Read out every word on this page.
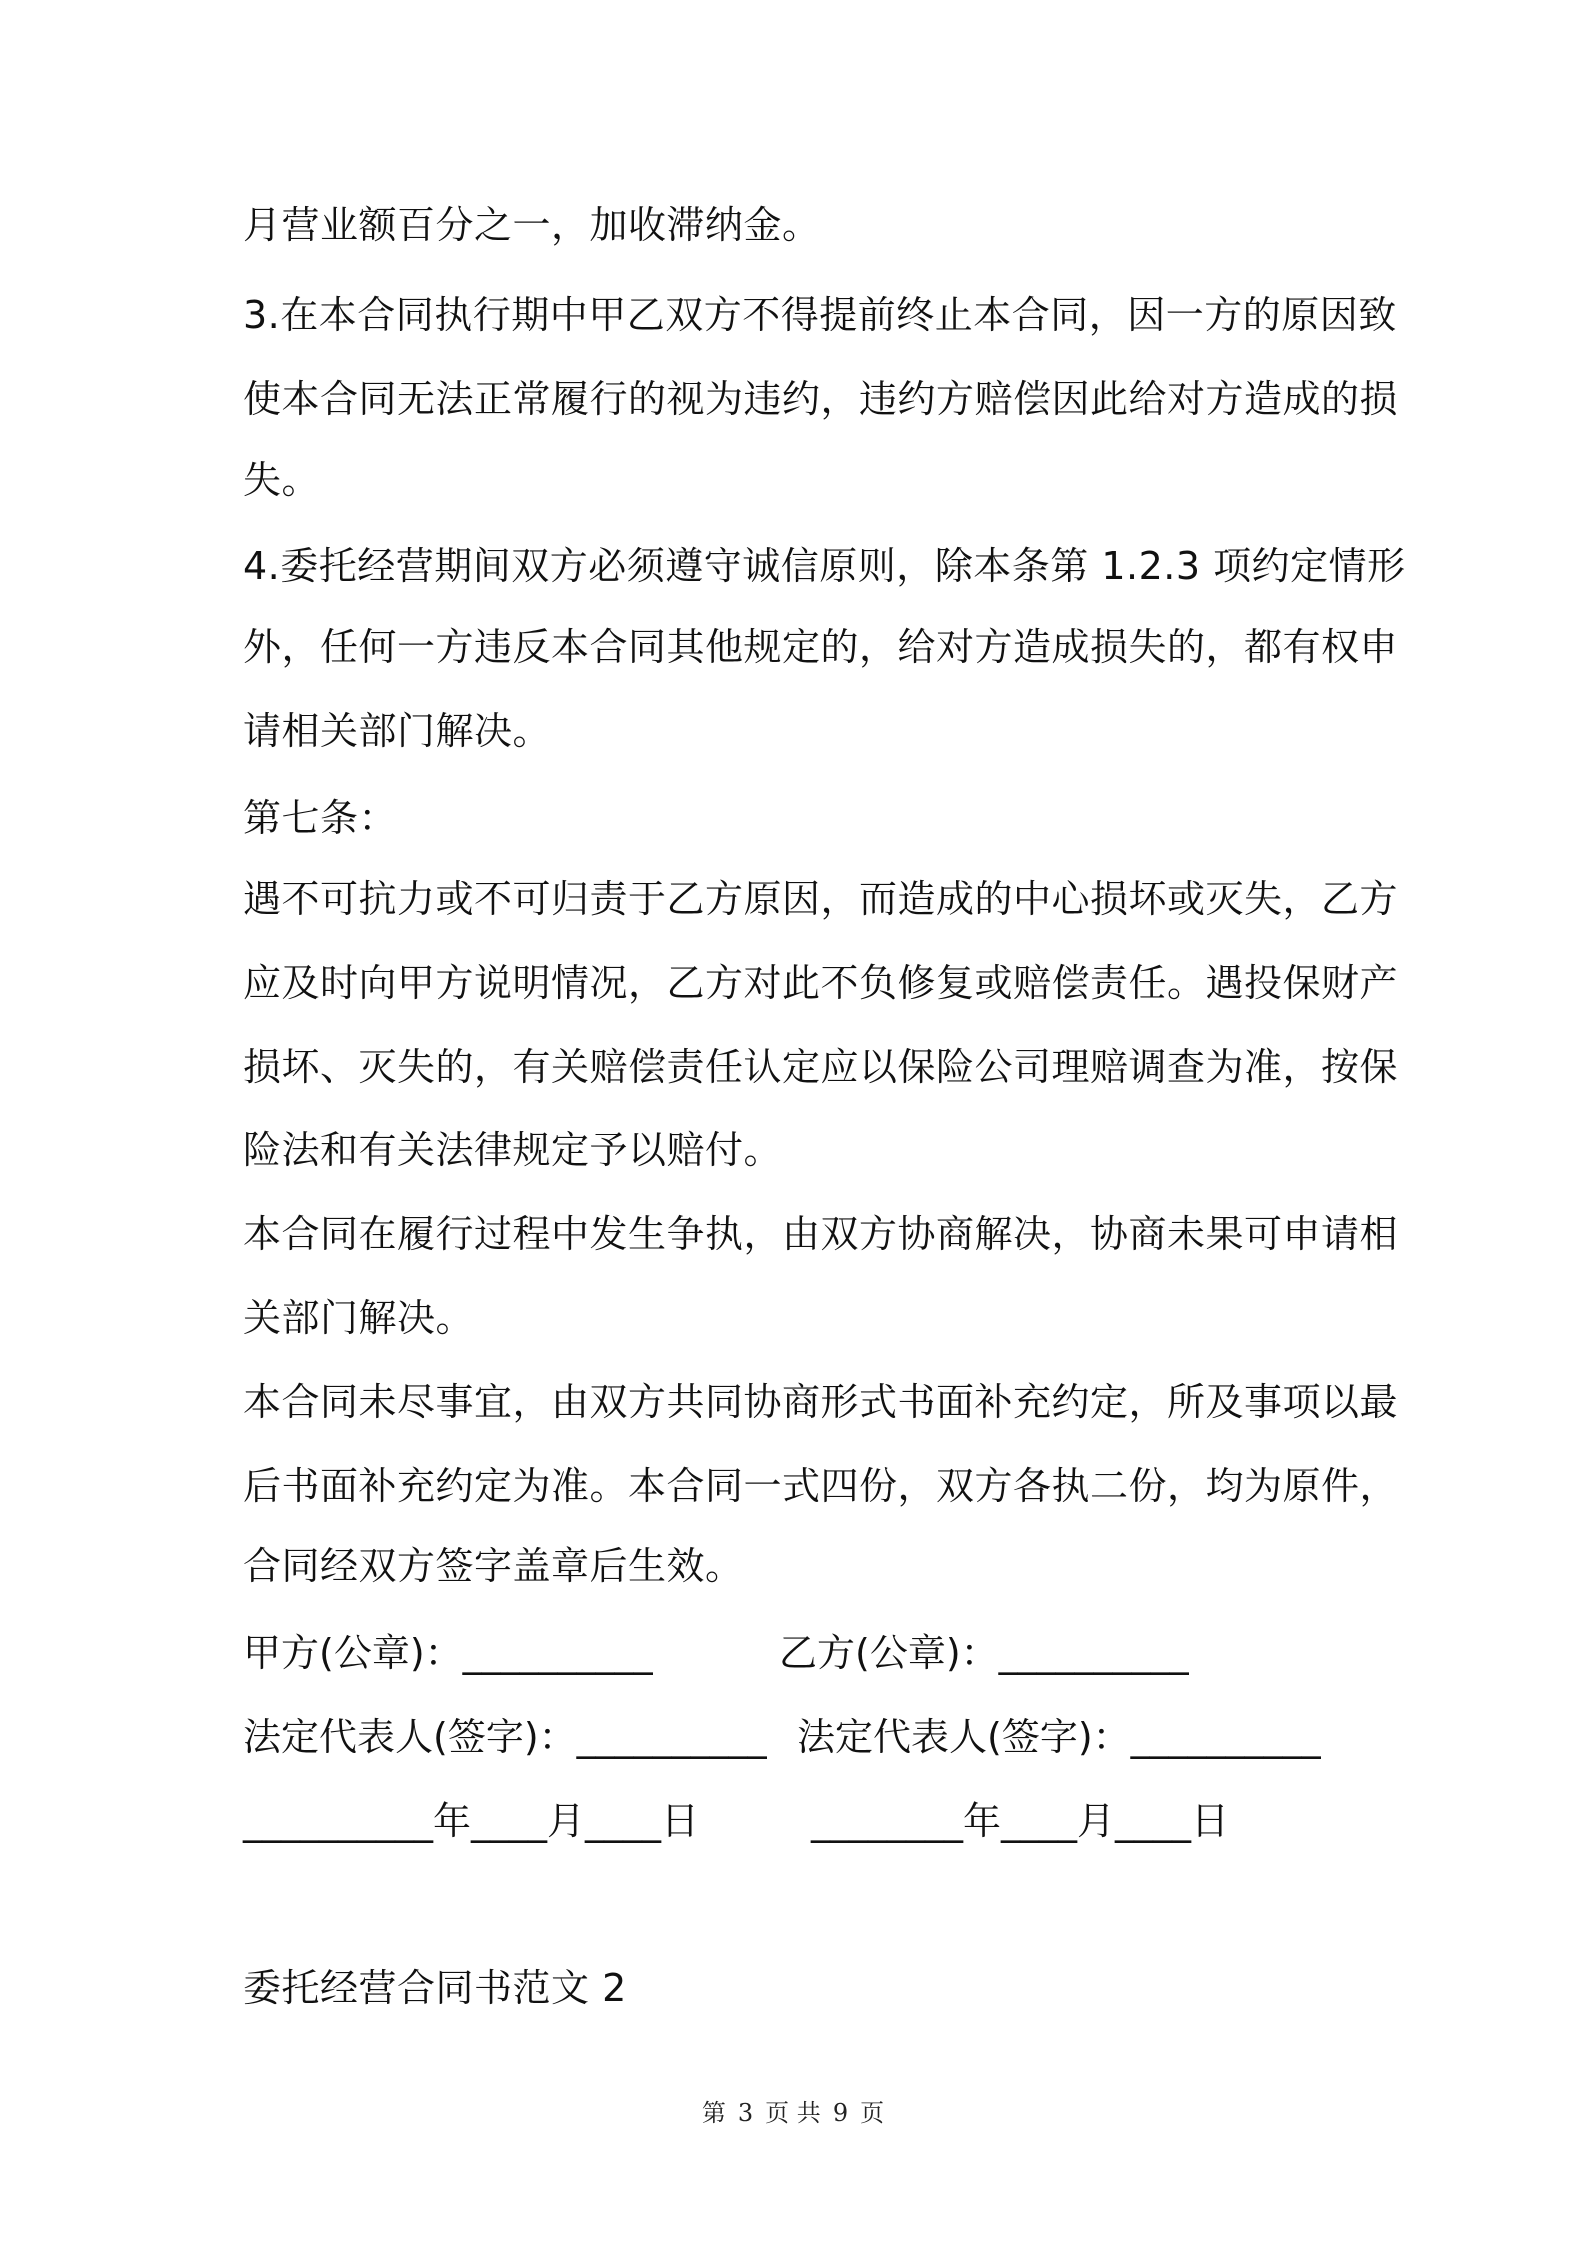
月营业额百分之一，加收滞纳金。
3.在本合同执行期中甲乙双方不得提前终止本合同，因一方的原因致
使本合同无法正常履行的视为违约，违约方赔偿因此给对方造成的损
失。
4.委托经营期间双方必须遵守诚信原则，除本条第 1.2.3 项约定情形
外，任何一方违反本合同其他规定的，给对方造成损失的，都有权申
请相关部门解决。
第七条：
遇不可抗力或不可归责于乙方原因，而造成的中心损坏或灭失，乙方
应及时向甲方说明情况，乙方对此不负修复或赔偿责任。遇投保财产
损坏、灭失的，有关赔偿责任认定应以保险公司理赔调查为准，按保
险法和有关法律规定予以赔付。
本合同在履行过程中发生争执，由双方协商解决，协商未果可申请相
关部门解决。
本合同未尽事宜，由双方共同协商形式书面补充约定，所及事项以最
后书面补充约定为准。本合同一式四份，双方各执二份，均为原件，
合同经双方签字盖章后生效。
甲方(公章)：__________	乙方(公章)：__________
法定代表人(签字)：__________ 法定代表人(签字)：__________
__________年____月____日	________年____月____日
委托经营合同书范文 2
第 3 页 共 9 页
